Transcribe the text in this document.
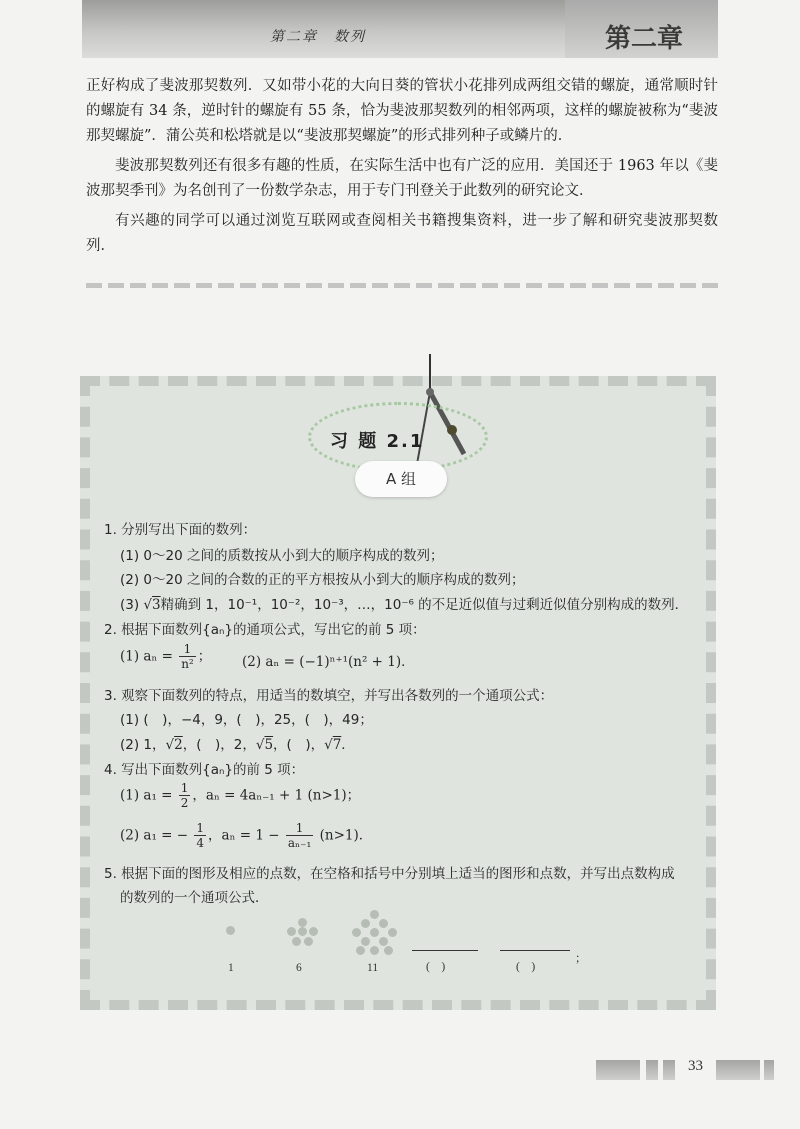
第二章　数列	第二章

正好构成了斐波那契数列．又如带小花的大向日葵的管状小花排列成两组交错的螺旋，通常顺时针的螺旋有 34 条，逆时针的螺旋有 55 条，恰为斐波那契数列的相邻两项，这样的螺旋被称为“斐波那契螺旋”．蒲公英和松塔就是以“斐波那契螺旋”的形式排列种子或鳞片的．

斐波那契数列还有很多有趣的性质，在实际生活中也有广泛的应用．美国还于 1963 年以《斐波那契季刊》为名创刊了一份数学杂志，用于专门刊登关于此数列的研究论文．

有兴趣的同学可以通过浏览互联网或查阅相关书籍搜集资料，进一步了解和研究斐波那契数列．

习 题 2.1
A 组
1. 分别写出下面的数列：
(1) 0～20 之间的质数按从小到大的顺序构成的数列；
(2) 0～20 之间的合数的正的平方根按从小到大的顺序构成的数列；
(3) √3精确到 1，10⁻¹，10⁻²，10⁻³，…，10⁻⁶ 的不足近似值与过剩近似值分别构成的数列．
2. 根据下面数列{aₙ}的通项公式，写出它的前 5 项：
(1) $a_n = \frac{1}{\text{n²}}$ ； (2) aₙ = (−1)ⁿ⁺¹(n² + 1)．
3. 观察下面数列的特点，用适当的数填空，并写出各数列的一个通项公式：
(1) (　)，−4，9，(　)，25，(　)，49；
(2) 1，√2，(　)，2，√5，(　)，√7．
4. 写出下面数列{aₙ}的前 5 项：
(1) $a_1 = \frac{1}{2}$ ，aₙ = 4aₙ₋₁ + 1 (n>1)；
(2) a₁ = − $\frac{1}{4}$ ，$a_n = 1 - \frac{1}{\text{aₙ₋₁}} (n>1)$．
5. 根据下面的图形及相应的点数，在空格和括号中分别填上适当的图形和点数，并写出点数构成
的数列的一个通项公式．
1	6	11	(　)	(　)
；
33
